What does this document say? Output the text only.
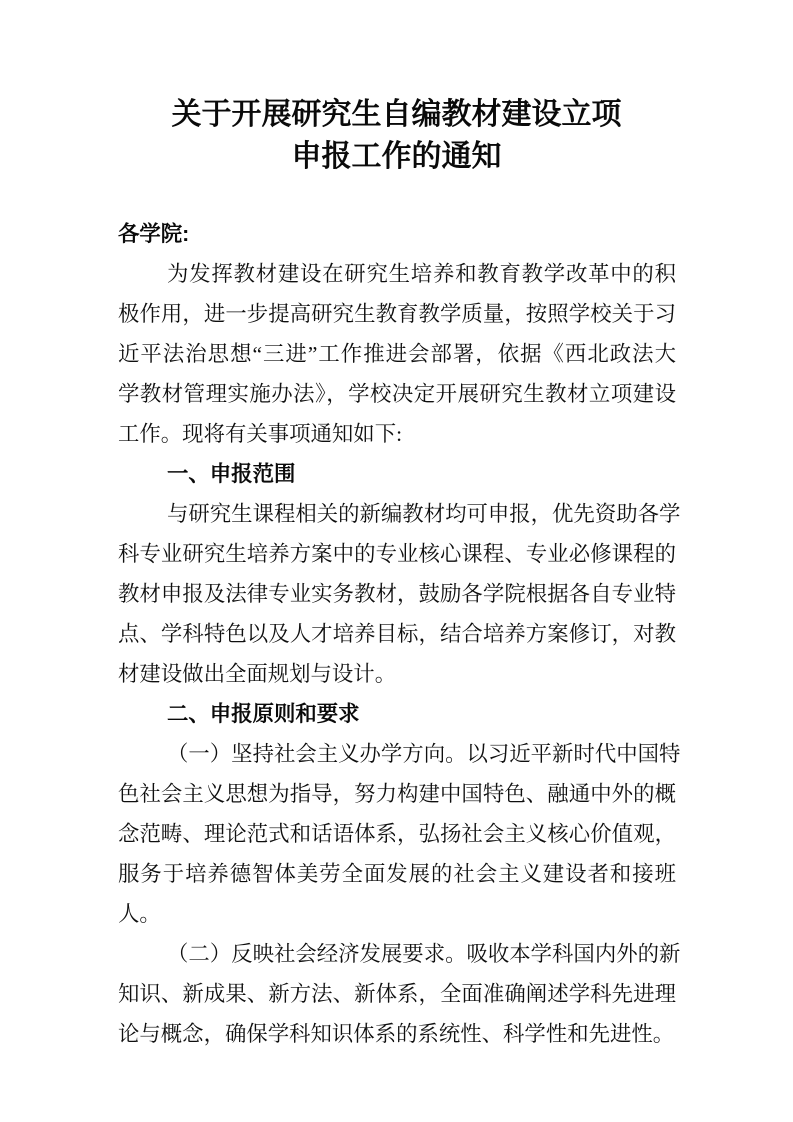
关于开展研究生自编教材建设立项
申报工作的通知
各学院:
为发挥教材建设在研究生培养和教育教学改革中的积
极作用，进一步提高研究生教育教学质量，按照学校关于习
近平法治思想“三进”工作推进会部署，依据《西北政法大
学教材管理实施办法》，学校决定开展研究生教材立项建设
工作。现将有关事项通知如下:
一、申报范围
与研究生课程相关的新编教材均可申报，优先资助各学
科专业研究生培养方案中的专业核心课程、专业必修课程的
教材申报及法律专业实务教材，鼓励各学院根据各自专业特
点、学科特色以及人才培养目标，结合培养方案修订，对教
材建设做出全面规划与设计。
二、申报原则和要求
（一）坚持社会主义办学方向。以习近平新时代中国特
色社会主义思想为指导，努力构建中国特色、融通中外的概
念范畴、理论范式和话语体系，弘扬社会主义核心价值观，
服务于培养德智体美劳全面发展的社会主义建设者和接班
人。
（二）反映社会经济发展要求。吸收本学科国内外的新
知识、新成果、新方法、新体系，全面准确阐述学科先进理
论与概念，确保学科知识体系的系统性、科学性和先进性。
